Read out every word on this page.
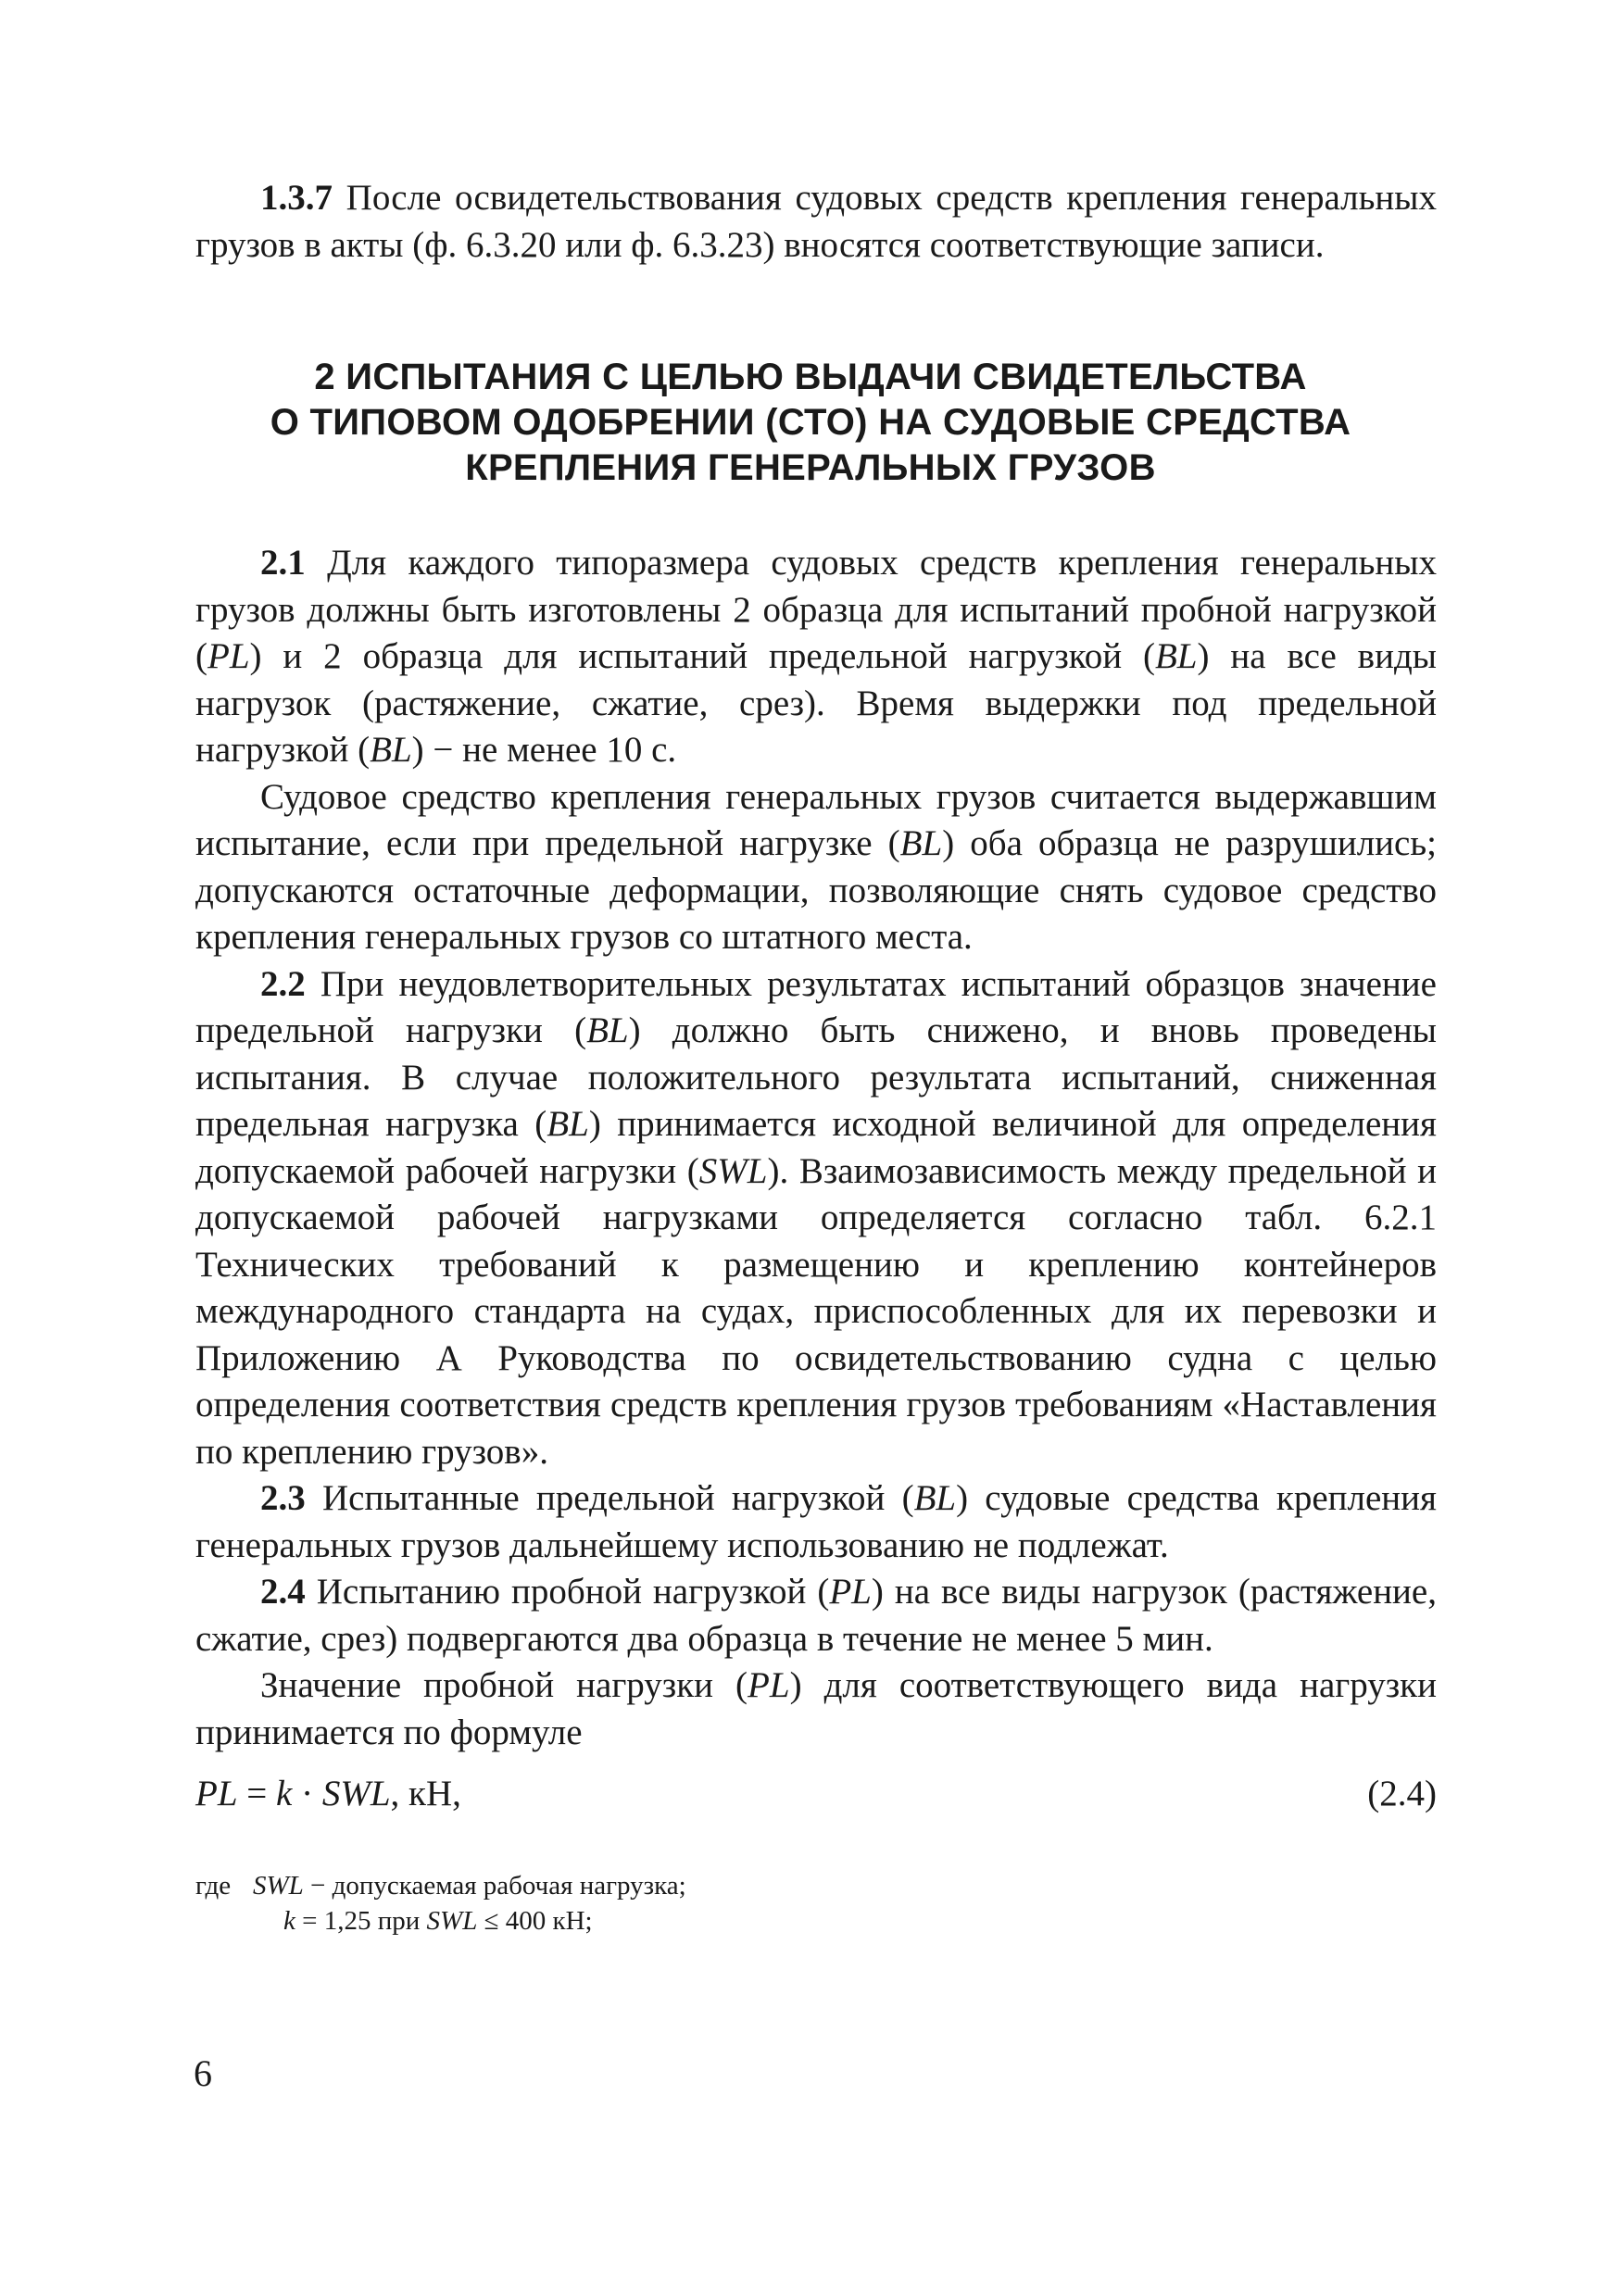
1.3.7 После освидетельствования судовых средств крепления генеральных грузов в акты (ф. 6.3.20 или ф. 6.3.23) вносятся соответствующие записи.

2 ИСПЫТАНИЯ С ЦЕЛЬЮ ВЫДАЧИ СВИДЕТЕЛЬСТВА
О ТИПОВОМ ОДОБРЕНИИ (СТО) НА СУДОВЫЕ СРЕДСТВА
КРЕПЛЕНИЯ ГЕНЕРАЛЬНЫХ ГРУЗОВ

2.1 Для каждого типоразмера судовых средств крепления генеральных грузов должны быть изготовлены 2 образца для испытаний пробной нагрузкой (PL) и 2 образца для испытаний предельной нагрузкой (BL) на все виды нагрузок (растяжение, сжатие, срез). Время выдержки под предельной нагрузкой (BL) − не менее 10 с.

Судовое средство крепления генеральных грузов считается выдержавшим испытание, если при предельной нагрузке (BL) оба образца не разрушились; допускаются остаточные деформации, позволяющие снять судовое средство крепления генеральных грузов со штатного места.

2.2 При неудовлетворительных результатах испытаний образцов значение предельной нагрузки (BL) должно быть снижено, и вновь проведены испытания. В случае положительного результата испытаний, сниженная предельная нагрузка (BL) принимается исходной величиной для определения допускаемой рабочей нагрузки (SWL). Взаимозависимость между предельной и допускаемой рабочей нагрузками определяется согласно табл. 6.2.1 Технических требований к размещению и креплению контейнеров международного стандарта на судах, приспособленных для их перевозки и Приложению А Руководства по освидетельствованию судна с целью определения соответствия средств крепления грузов требованиям «Наставления по креплению грузов».

2.3 Испытанные предельной нагрузкой (BL) судовые средства крепления генеральных грузов дальнейшему использованию не подлежат.

2.4 Испытанию пробной нагрузкой (PL) на все виды нагрузок (растяжение, сжатие, срез) подвергаются два образца в течение не менее 5 мин.

Значение пробной нагрузки (PL) для соответствующего вида нагрузки принимается по формуле

PL = k · SWL, кН,	(2.4)
где SWL − допускаемая рабочая нагрузка;
k = 1,25 при SWL ≤ 400 кН;
6
